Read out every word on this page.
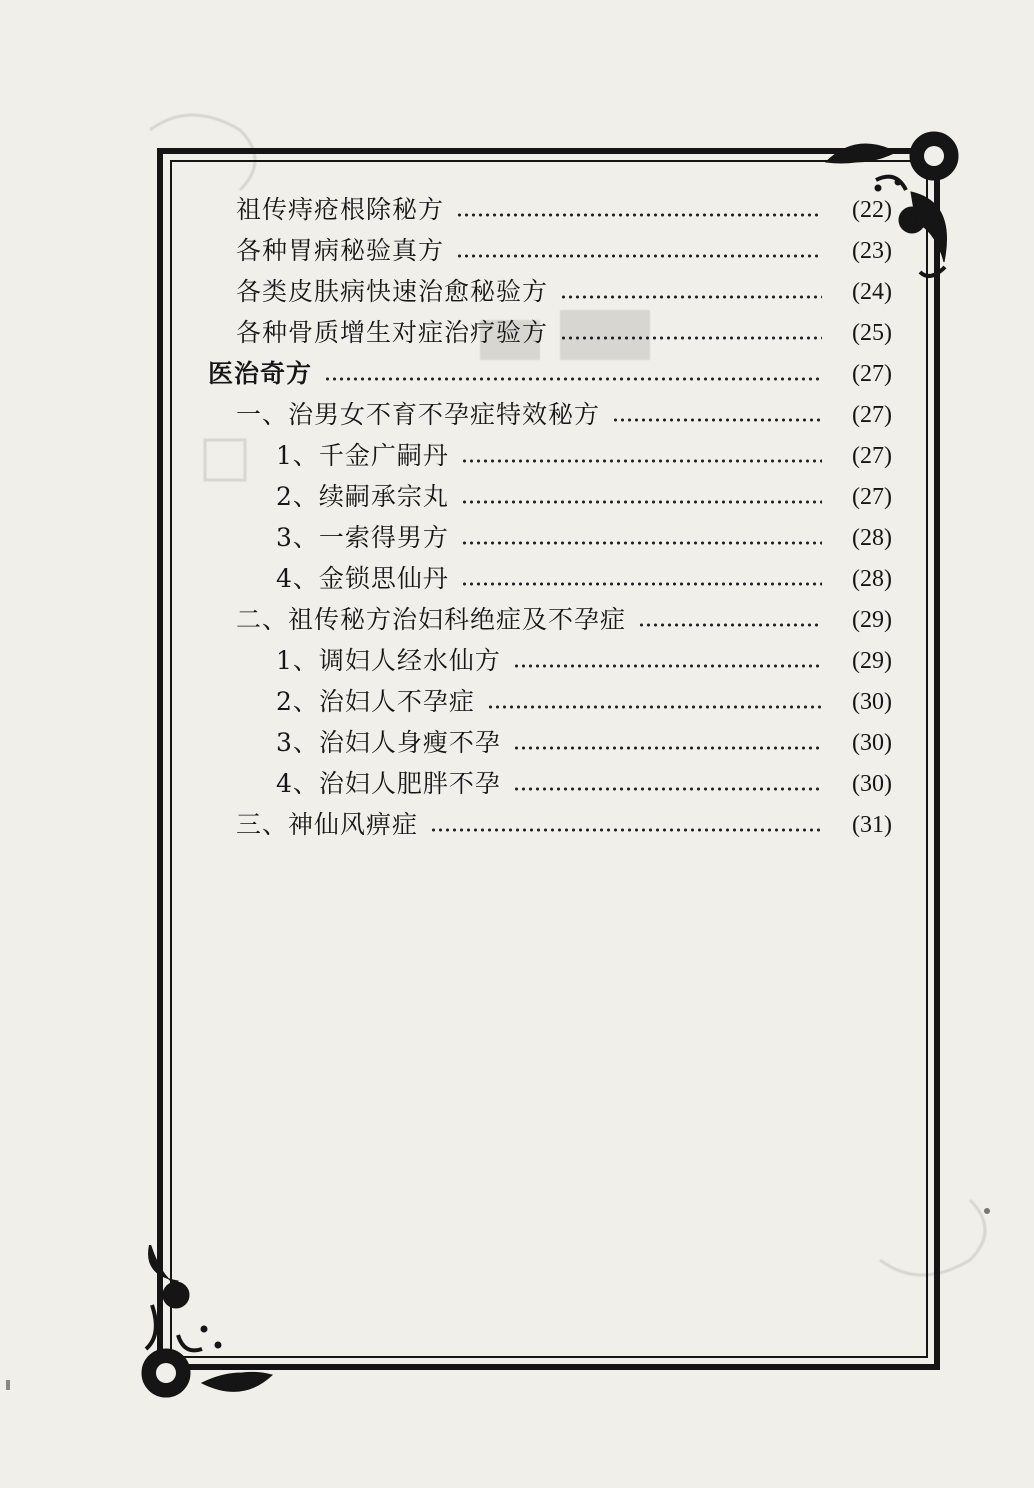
祖传痔疮根除秘方	(22)
各种胃病秘验真方	(23)
各类皮肤病快速治愈秘验方	(24)
各种骨质增生对症治疗验方	(25)
医治奇方	(27)
一、治男女不育不孕症特效秘方	(27)
1、千金广嗣丹	(27)
2、续嗣承宗丸	(27)
3、一索得男方	(28)
4、金锁思仙丹	(28)
二、祖传秘方治妇科绝症及不孕症	(29)
1、调妇人经水仙方	(29)
2、治妇人不孕症	(30)
3、治妇人身瘦不孕	(30)
4、治妇人肥胖不孕	(30)
三、神仙风痹症	(31)
